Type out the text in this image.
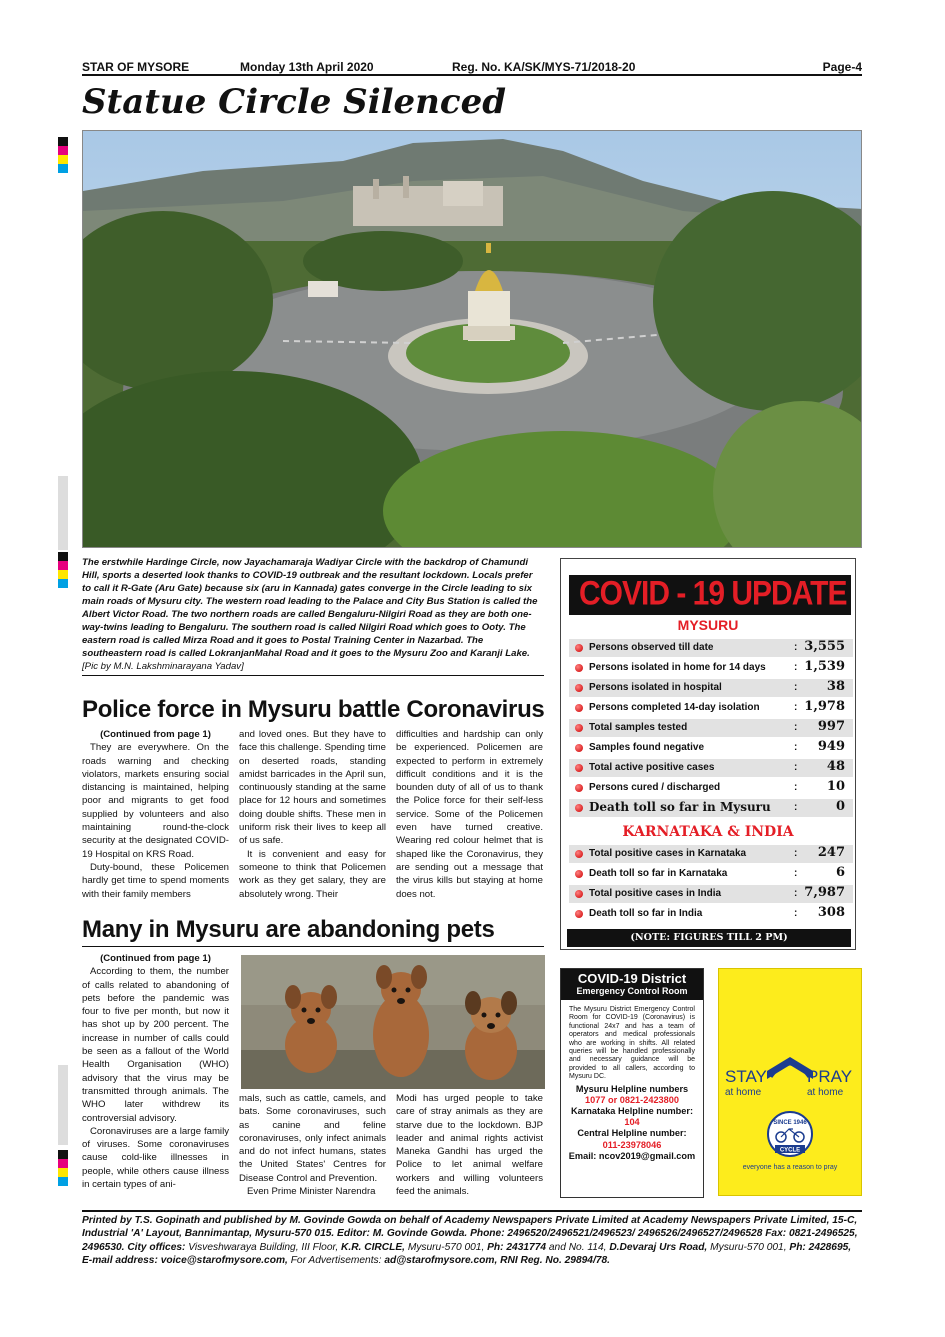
STAR OF MYSORE	Monday 13th April 2020	Reg. No. KA/SK/MYS-71/2018-20	Page-4
Statue Circle Silenced
The erstwhile Hardinge Circle, now Jayachamaraja Wadiyar Circle with the backdrop of Chamundi Hill, sports a deserted look thanks to COVID-19 outbreak and the resultant lockdown. Locals prefer to call it R-Gate (Aru Gate) because six (aru in Kannada) gates converge in the Circle leading to six main roads of Mysuru city. The western road leading to the Palace and City Bus Station is called the Albert Victor Road. The two northern roads are called Bengaluru-Nilgiri Road as they are both one-way-twins leading to Bengaluru. The southern road is called Nilgiri Road which goes to Ooty. The eastern road is called Mirza Road and it goes to Postal Training Center in Nazarbad. The southeastern road is called LokranjanMahal Road and it goes to the Mysuru Zoo and Karanji Lake. [Pic by M.N. Lakshminarayana Yadav]
Police force in Mysuru battle Coronavirus

(Continued from page 1)

They are everywhere. On the roads warning and checking violators, markets ensuring social distancing is maintained, helping poor and migrants to get food supplied by volunteers and also maintaining round-the-clock security at the designated COVID-19 Hospital on KRS Road.

Duty-bound, these Policemen hardly get time to spend moments with their family members

and loved ones. But they have to face this challenge. Spending time on deserted roads, standing amidst barricades in the April sun, continuously standing at the same place for 12 hours and sometimes doing double shifts. These men in uniform risk their lives to keep all of us safe.

It is convenient and easy for someone to think that Policemen work as they get salary, they are absolutely wrong. Their

difficulties and hardship can only be experienced. Policemen are expected to perform in extremely difficult conditions and it is the bounden duty of all of us to thank the Police force for their self-less service. Some of the Policemen even have turned creative. Wearing red colour helmet that is shaped like the Coronavirus, they are sending out a message that the virus kills but staying at home does not.

Many in Mysuru are abandoning pets

(Continued from page 1)

According to them, the number of calls related to abandoning of pets before the pandemic was four to five per month, but now it has shot up by 200 percent. The increase in number of calls could be seen as a fallout of the World Health Organisation (WHO) advisory that the virus may be transmitted through animals. The WHO later withdrew its controversial advisory.

Coronaviruses are a large family of viruses. Some coronaviruses cause cold-like illnesses in people, while others cause illness in certain types of ani-

mals, such as cattle, camels, and bats. Some coronaviruses, such as canine and feline coronaviruses, only infect animals and do not infect humans, states the United States' Centres for Disease Control and Prevention.

Even Prime Minister Narendra

Modi has urged people to take care of stray animals as they are starve due to the lockdown. BJP leader and animal rights activist Maneka Gandhi has urged the Police to let animal welfare workers and willing volunteers feed the animals.

COVID - 19 UPDATE
MYSURU
Persons observed till date	: 3,555
Persons isolated in home for 14 days	: 1,539
Persons isolated in hospital	: 38
Persons completed 14-day isolation	: 1,978
Total samples tested	: 997
Samples found negative	: 949
Total active positive cases	: 48
Persons cured / discharged	: 10
Death toll so far in Mysuru :	0
KARNATAKA & INDIA
Total positive cases in Karnataka	: 247
Death toll so far in Karnataka	:	6
Total positive cases in India	: 7,987
Death toll so far in India	: 308
(NOTE: FIGURES TILL 2 PM)
COVID-19 District
Emergency Control Room
The Mysuru District Emergency Control Room for COVID-19 (Coronavirus) is functional 24x7 and has a team of operators and medical professionals who are working in shifts. All related queries will be handled professionally and necessary guidance will be provided to all callers, according to Mysuru DC.
Mysuru Helpline numbers
1077 or 0821-2423800
Karnataka Helpline number:
104
Central Helpline number:
011-23978046
Email: ncov2019@gmail.com
STAY PRAY
at home	at home
SINCE 1946
CYCLE
everyone has a reason to pray
Printed by T.S. Gopinath and published by M. Govinde Gowda on behalf of Academy Newspapers Private Limited at Academy Newspapers Private Limited, 15-C, Industrial 'A' Layout, Bannimantap, Mysuru-570 015. Editor: M. Govinde Gowda. Phone: 2496520/2496521/2496523/ 2496526/2496527/2496528 Fax: 0821-2496525, 2496530. City offices: Visveshwaraya Building, III Floor, K.R. CIRCLE, Mysuru-570 001, Ph: 2431774 and No. 114, D.Devaraj Urs Road, Mysuru-570 001, Ph: 2428695, E-mail address: voice@starofmysore.com, For Advertisements: ad@starofmysore.com, RNI Reg. No. 29894/78.
